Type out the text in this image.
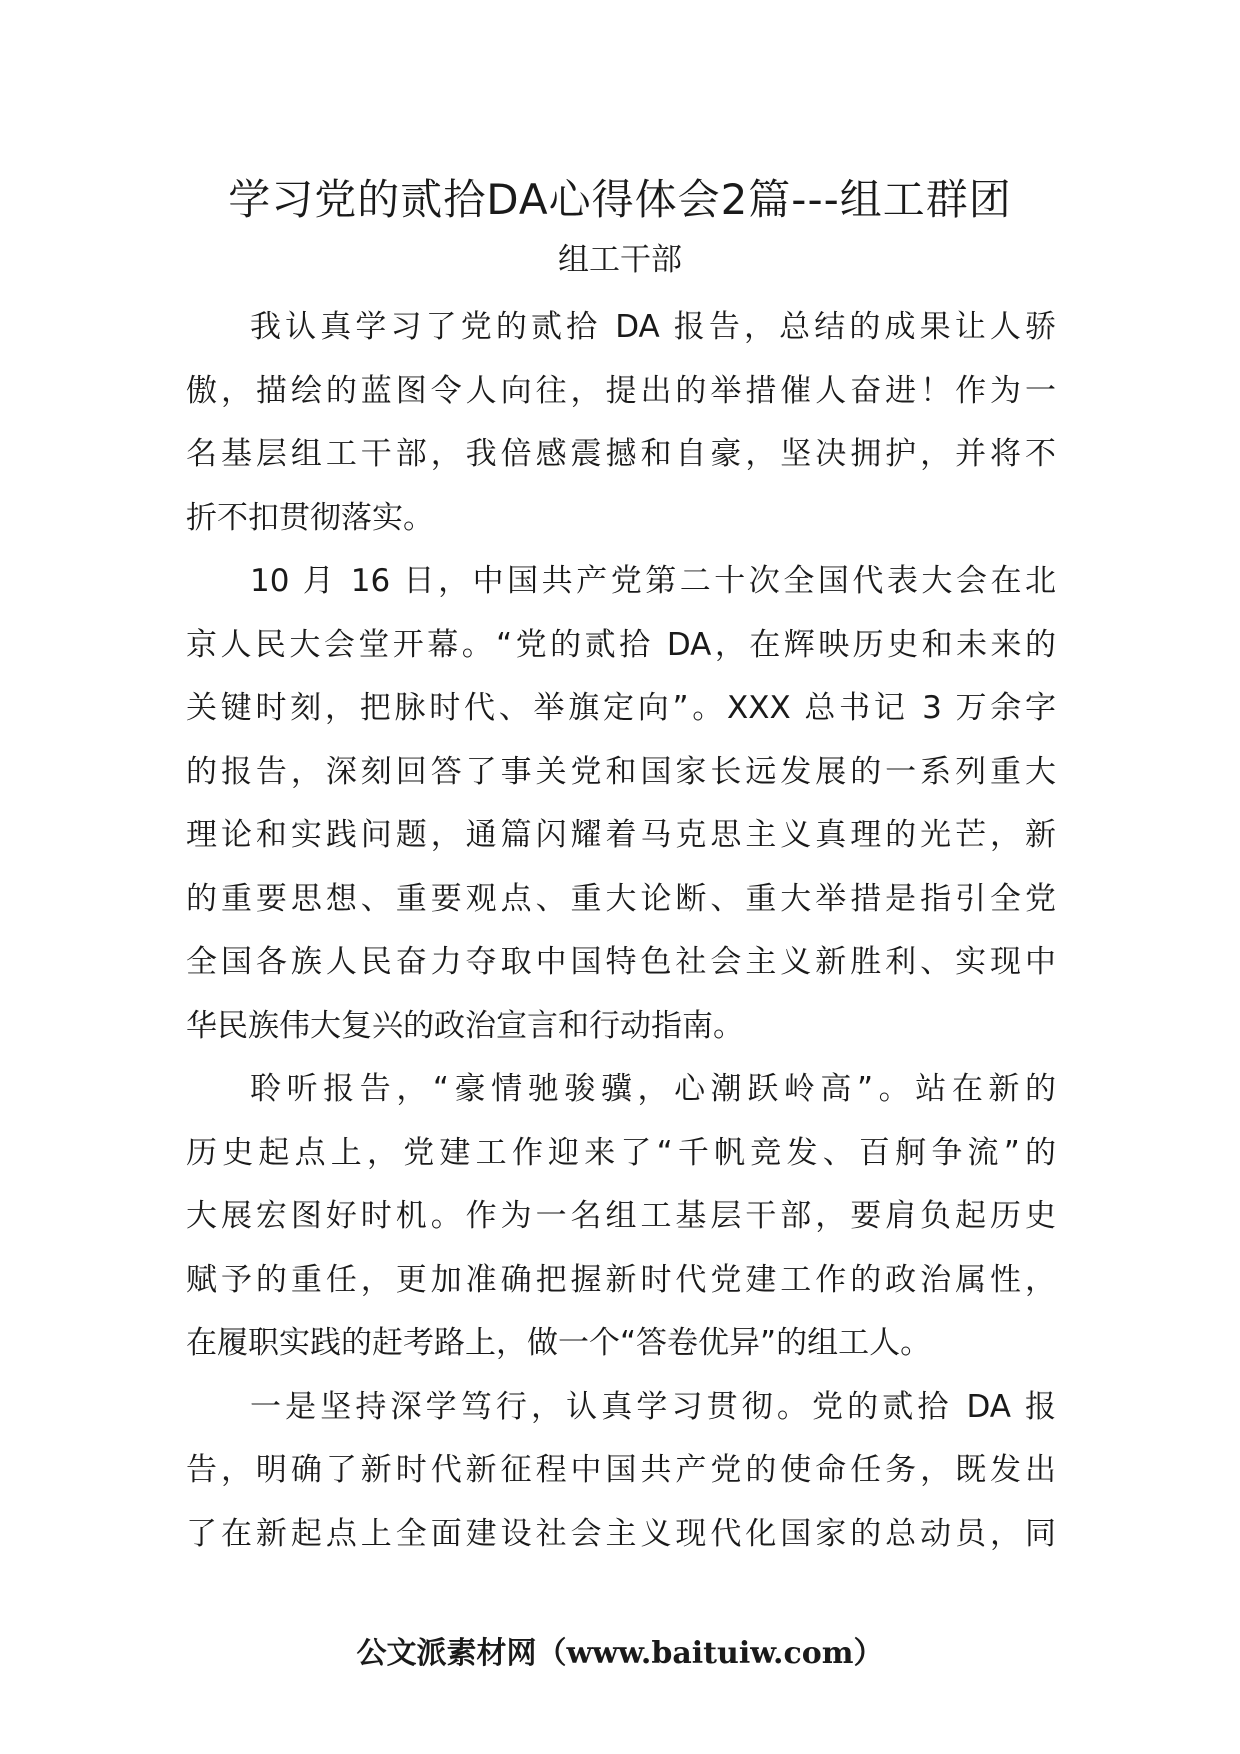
学习党的贰拾DA心得体会2篇---组工群团
组工干部
我认真学习了党的贰拾 DA 报告，总结的成果让人骄
傲，描绘的蓝图令人向往，提出的举措催人奋进！作为一
名基层组工干部，我倍感震撼和自豪，坚决拥护，并将不
折不扣贯彻落实。
10 月 16 日，中国共产党第二十次全国代表大会在北
京人民大会堂开幕。“党的贰拾 DA，在辉映历史和未来的
关键时刻，把脉时代、举旗定向”。XXX 总书记 3 万余字
的报告，深刻回答了事关党和国家长远发展的一系列重大
理论和实践问题，通篇闪耀着马克思主义真理的光芒，新
的重要思想、重要观点、重大论断、重大举措是指引全党
全国各族人民奋力夺取中国特色社会主义新胜利、实现中
华民族伟大复兴的政治宣言和行动指南。
聆听报告，“豪情驰骏骥，心潮跃岭高”。站在新的
历史起点上，党建工作迎来了“千帆竞发、百舸争流”的
大展宏图好时机。作为一名组工基层干部，要肩负起历史
赋予的重任，更加准确把握新时代党建工作的政治属性，
在履职实践的赶考路上，做一个“答卷优异”的组工人。
一是坚持深学笃行，认真学习贯彻。党的贰拾 DA 报
告，明确了新时代新征程中国共产党的使命任务，既发出
了在新起点上全面建设社会主义现代化国家的总动员，同
公文派素材网（www.baituiw.com）
